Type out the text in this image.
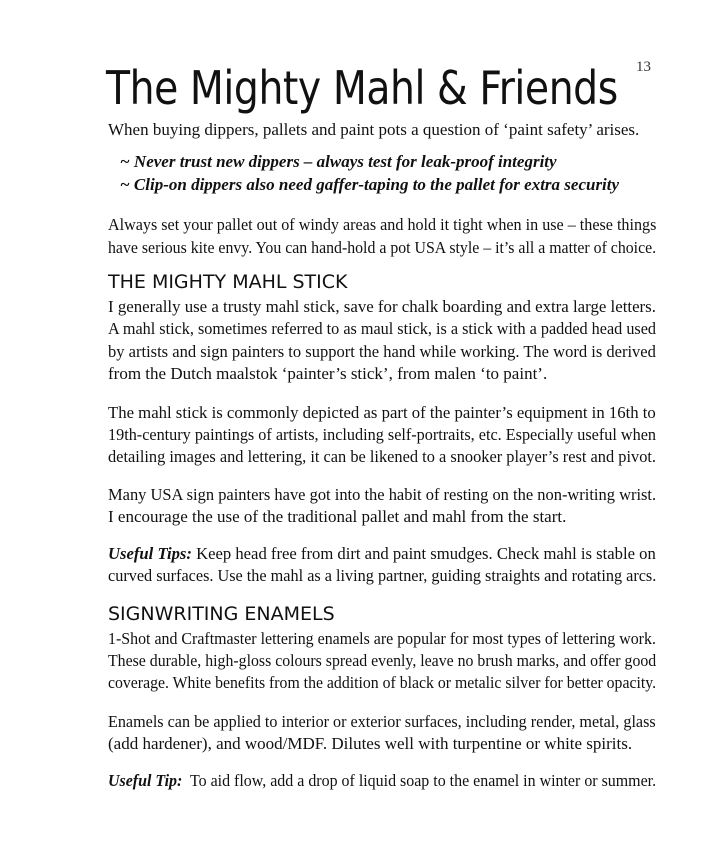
13
The Mighty Mahl & Friends
When buying dippers, pallets and paint pots a question of ‘paint safety’ arises.
~ Never trust new dippers – always test for leak-proof integrity
~ Clip-on dippers also need gaffer-taping to the pallet for extra security
Always set your pallet out of windy areas and hold it tight when in use – these things
have serious kite envy. You can hand-hold a pot USA style – it’s all a matter of choice.
THE MIGHTY MAHL STICK
I generally use a trusty mahl stick, save for chalk boarding and extra large letters.
A mahl stick, sometimes referred to as maul stick, is a stick with a padded head used
by artists and sign painters to support the hand while working. The word is derived
from the Dutch maalstok ‘painter’s stick’, from malen ‘to paint’.
The mahl stick is commonly depicted as part of the painter’s equipment in 16th to
19th-century paintings of artists, including self-portraits, etc. Especially useful when
detailing images and lettering, it can be likened to a snooker player’s rest and pivot.
Many USA sign painters have got into the habit of resting on the non-writing wrist.
I encourage the use of the traditional pallet and mahl from the start.
Useful Tips: Keep head free from dirt and paint smudges. Check mahl is stable on
curved surfaces. Use the mahl as a living partner, guiding straights and rotating arcs.
SIGNWRITING ENAMELS
1-Shot and Craftmaster lettering enamels are popular for most types of lettering work.
These durable, high-gloss colours spread evenly, leave no brush marks, and offer good
coverage. White benefits from the addition of black or metalic silver for better opacity.
Enamels can be applied to interior or exterior surfaces, including render, metal, glass
(add hardener), and wood/MDF. Dilutes well with turpentine or white spirits.
Useful Tip:  To aid flow, add a drop of liquid soap to the enamel in winter or summer.
